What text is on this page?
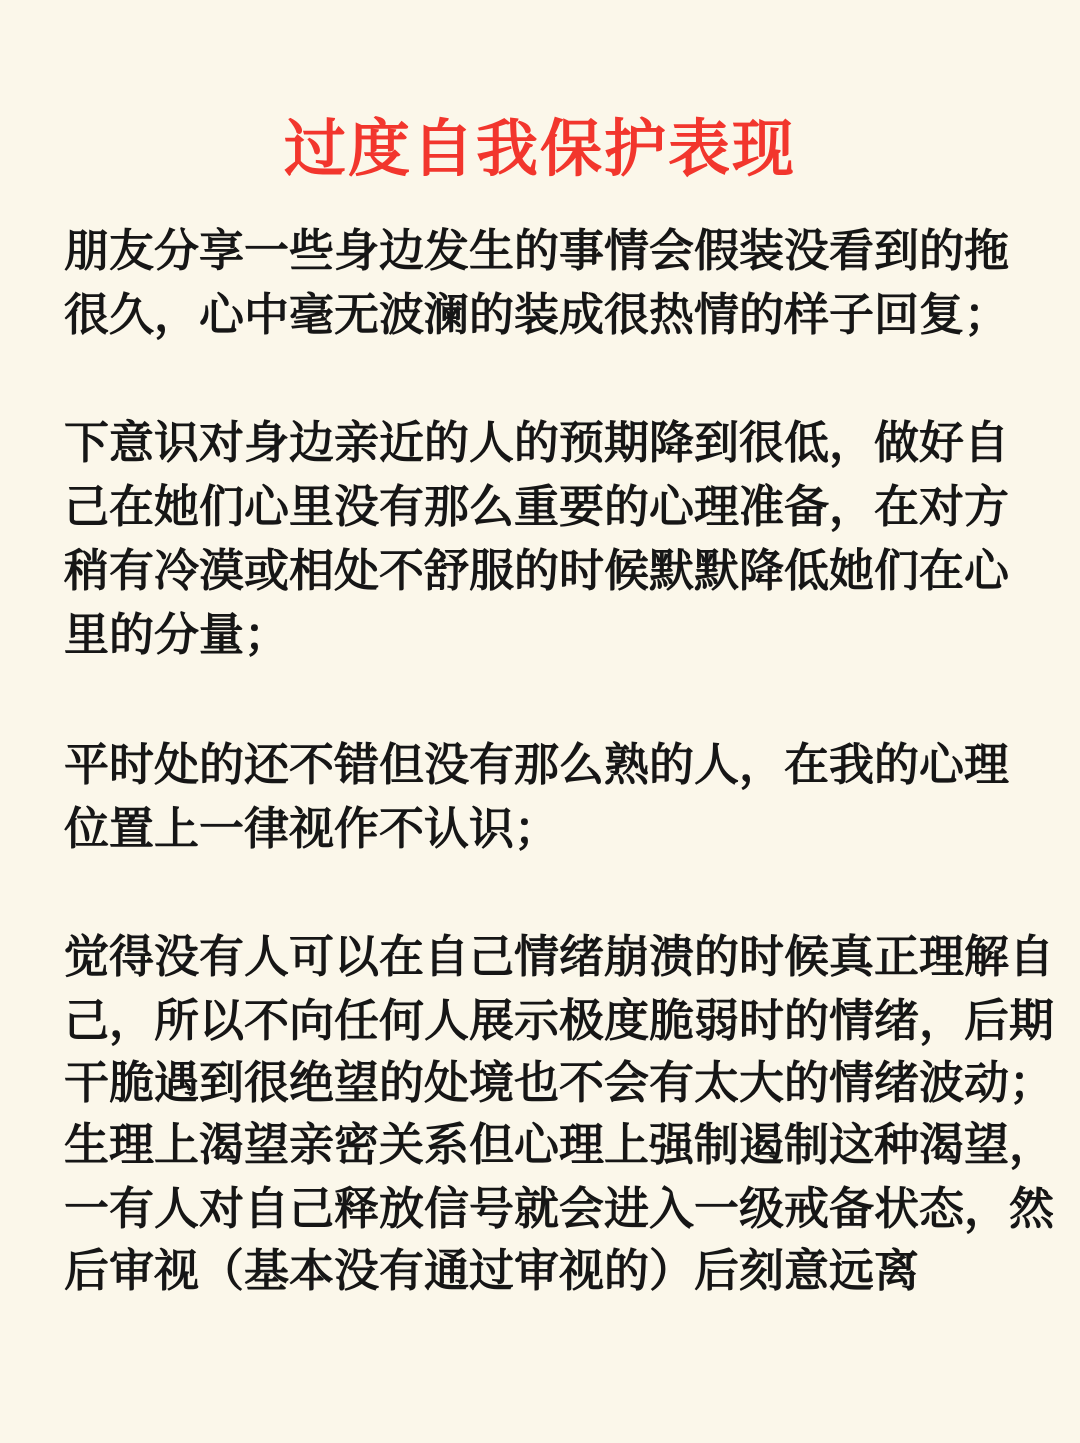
过度自我保护表现

朋友分享一些身边发生的事情会假装没看到的拖

很久，心中毫无波澜的装成很热情的样子回复；

下意识对身边亲近的人的预期降到很低，做好自

己在她们心里没有那么重要的心理准备，在对方

稍有冷漠或相处不舒服的时候默默降低她们在心

里的分量；

平时处的还不错但没有那么熟的人，在我的心理

位置上一律视作不认识；

觉得没有人可以在自己情绪崩溃的时候真正理解自

己，所以不向任何人展示极度脆弱时的情绪，后期

干脆遇到很绝望的处境也不会有太大的情绪波动；

生理上渴望亲密关系但心理上强制遏制这种渴望，

一有人对自己释放信号就会进入一级戒备状态，然

后审视（基本没有通过审视的）后刻意远离
